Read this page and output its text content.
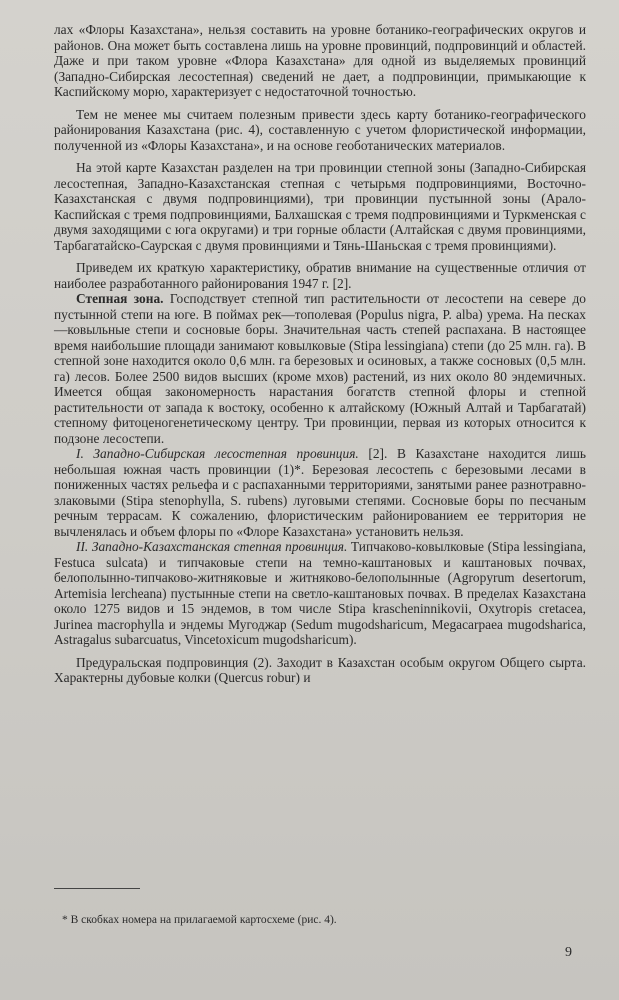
лах «Флоры Казахстана», нельзя составить на уровне ботанико-географических округов и районов. Она может быть составлена лишь на уровне провинций, подпровинций и областей. Даже и при таком уровне «Флора Казахстана» для одной из выделяемых провинций (Западно-Сибирская лесостепная) сведений не дает, а подпровинции, примыкающие к Каспийскому морю, характеризует с недостаточной точностью.

Тем не менее мы считаем полезным привести здесь карту ботанико-географического районирования Казахстана (рис. 4), составленную с учетом флористической информации, полученной из «Флоры Казахстана», и на основе геоботанических материалов.

На этой карте Казахстан разделен на три провинции степной зоны (Западно-Сибирская лесостепная, Западно-Казахстанская степная с четырьмя подпровинциями, Восточно-Казахстанская с двумя подпровинциями), три провинции пустынной зоны (Арало-Каспийская с тремя подпровинциями, Балхашская с тремя подпровинциями и Туркменская с двумя заходящими с юга округами) и три горные области (Алтайская с двумя провинциями, Тарбагатайско-Саурская с двумя провинциями и Тянь-Шаньская с тремя провинциями).

Приведем их краткую характеристику, обратив внимание на существенные отличия от наиболее разработанного районирования 1947 г. [2].

Степная зона. Господствует степной тип растительности от лесостепи на севере до пустынной степи на юге. В поймах рек—тополевая (Populus nigra, P. alba) урема. На песках—ковыльные степи и сосновые боры. Значительная часть степей распахана. В настоящее время наибольшие площади занимают ковылковые (Stipa lessingiana) степи (до 25 млн. га). В степной зоне находится около 0,6 млн. га березовых и осиновых, а также сосновых (0,5 млн. га) лесов. Более 2500 видов высших (кроме мхов) растений, из них около 80 эндемичных. Имеется общая закономерность нарастания богатств степной флоры и степной растительности от запада к востоку, особенно к алтайскому (Южный Алтай и Тарбагатай) степному фитоценогенетическому центру. Три провинции, первая из которых относится к подзоне лесостепи.

I. Западно-Сибирская лесостепная провинция. [2]. В Казахстане находится лишь небольшая южная часть провинции (1)*. Березовая лесостепь с березовыми лесами в пониженных частях рельефа и с распаханными территориями, занятыми ранее разнотравно-злаковыми (Stipa stenophylla, S. rubens) луговыми степями. Сосновые боры по песчаным речным террасам. К сожалению, флористическим районированием ее территория не вычленялась и объем флоры по «Флоре Казахстана» установить нельзя.

II. Западно-Казахстанская степная провинция. Типчаково-ковылковые (Stipa lessingiana, Festuca sulcata) и типчаковые степи на темно-каштановых и каштановых почвах, белополынно-типчаково-житняковые и житняково-белополынные (Agropyrum desertorum, Artemisia lercheana) пустынные степи на светло-каштановых почвах. В пределах Казахстана около 1275 видов и 15 эндемов, в том числе Stipa krascheninnikovii, Oxytropis cretacea, Jurinea macrophylla и эндемы Мугоджар (Sedum mugodsharicum, Megacarpaea mugodsharica, Astragalus subarcuatus, Vincetoxicum mugodsharicum).

Предуральская подпровинция (2). Заходит в Казахстан особым округом Общего сырта. Характерны дубовые колки (Quercus robur) и

* В скобках номера на прилагаемой картосхеме (рис. 4).
9
